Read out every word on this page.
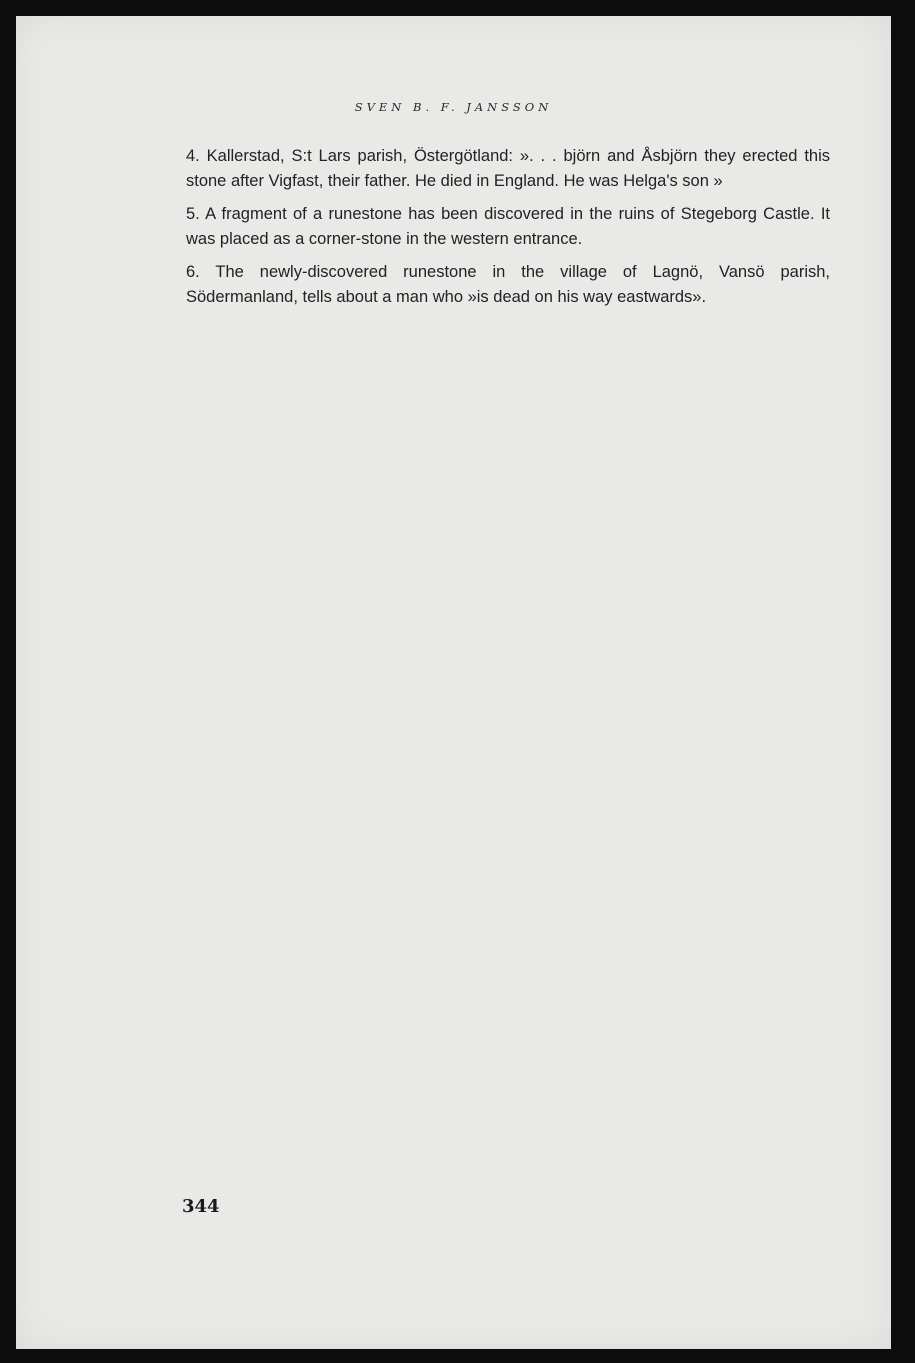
SVEN B. F. JANSSON

4. Kallerstad, S:t Lars parish, Östergötland: ». . . björn and Åsbjörn they erected this stone after Vigfast, their father. He died in England. He was Helga's son »

5. A fragment of a runestone has been discovered in the ruins of Stegeborg Castle. It was placed as a corner-stone in the western entrance.

6. The newly-discovered runestone in the village of Lagnö, Vansö parish, Södermanland, tells about a man who »is dead on his way eastwards».

344
